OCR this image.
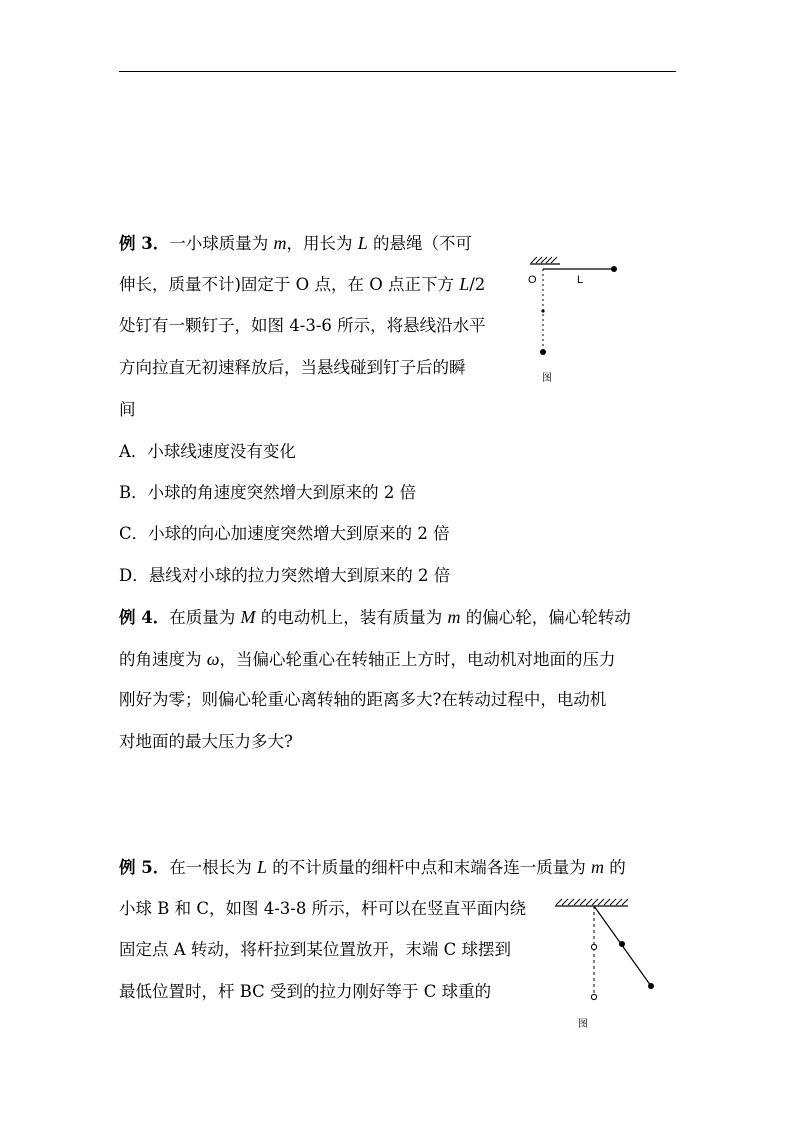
例 3．一小球质量为 m，用长为 L 的悬绳（不可
伸长，质量不计)固定于 O 点，在 O 点正下方 L/2
处钉有一颗钉子，如图 4-3-6 所示，将悬线沿水平
方向拉直无初速释放后，当悬线碰到钉子后的瞬
间
A．小球线速度没有变化
B．小球的角速度突然增大到原来的 2 倍
C．小球的向心加速度突然增大到原来的 2 倍
D．悬线对小球的拉力突然增大到原来的 2 倍
O	L
图
例 4．在质量为 M 的电动机上，装有质量为 m 的偏心轮，偏心轮转动
的角速度为 ω，当偏心轮重心在转轴正上方时，电动机对地面的压力
刚好为零；则偏心轮重心离转轴的距离多大?在转动过程中，电动机
对地面的最大压力多大?
例 5．在一根长为 L 的不计质量的细杆中点和末端各连一质量为 m 的
小球 B 和 C，如图 4-3-8 所示，杆可以在竖直平面内绕
固定点 A 转动，将杆拉到某位置放开，末端 C 球摆到
最低位置时，杆 BC 受到的拉力刚好等于 C 球重的
图
